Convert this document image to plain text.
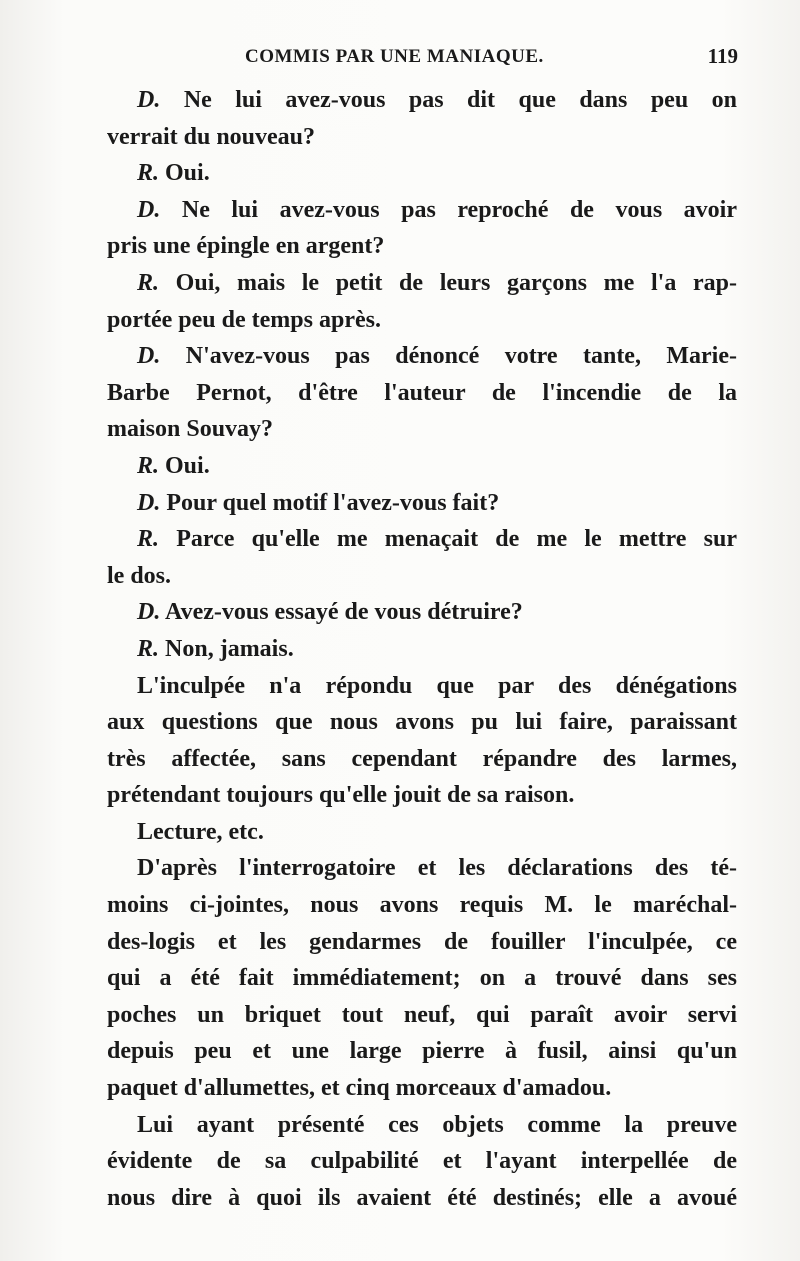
COMMIS PAR UNE MANIAQUE.	119
D. Ne lui avez-vous pas dit que dans peu on
verrait du nouveau?
R. Oui.
D. Ne lui avez-vous pas reproché de vous avoir
pris une épingle en argent?
R. Oui, mais le petit de leurs garçons me l'a rap-
portée peu de temps après.
D. N'avez-vous pas dénoncé votre tante, Marie-
Barbe Pernot, d'être l'auteur de l'incendie de la
maison Souvay?
R. Oui.
D. Pour quel motif l'avez-vous fait?
R. Parce qu'elle me menaçait de me le mettre sur
le dos.
D. Avez-vous essayé de vous détruire?
R. Non, jamais.
L'inculpée n'a répondu que par des dénégations
aux questions que nous avons pu lui faire, paraissant
très affectée, sans cependant répandre des larmes,
prétendant toujours qu'elle jouit de sa raison.
Lecture, etc.
D'après l'interrogatoire et les déclarations des té-
moins ci-jointes, nous avons requis M. le maréchal-
des-logis et les gendarmes de fouiller l'inculpée, ce
qui a été fait immédiatement; on a trouvé dans ses
poches un briquet tout neuf, qui paraît avoir servi
depuis peu et une large pierre à fusil, ainsi qu'un
paquet d'allumettes, et cinq morceaux d'amadou.
Lui ayant présenté ces objets comme la preuve
évidente de sa culpabilité et l'ayant interpellée de
nous dire à quoi ils avaient été destinés; elle a avoué
